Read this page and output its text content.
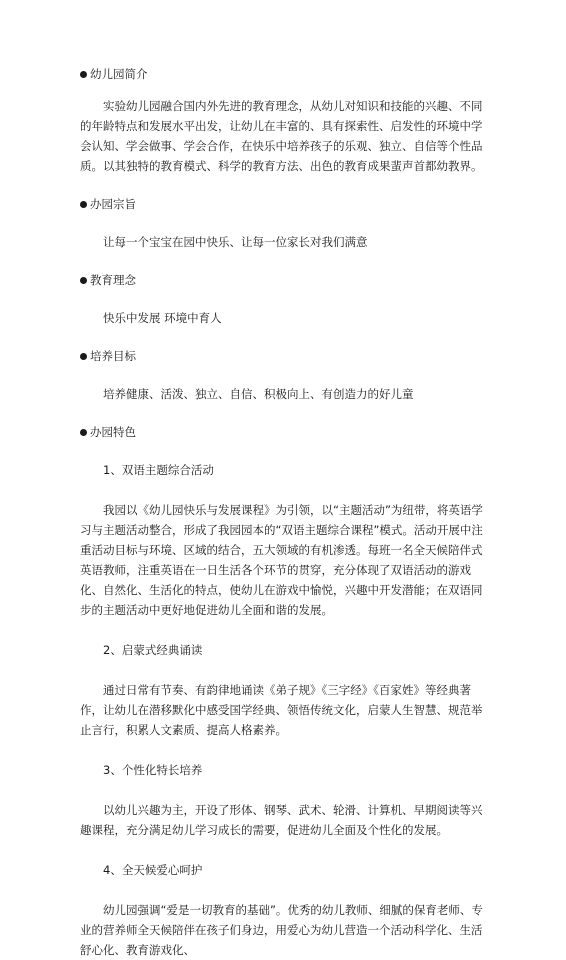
幼儿园简介

实验幼儿园融合国内外先进的教育理念，从幼儿对知识和技能的兴趣、不同的年龄特点和发展水平出发，让幼儿在丰富的、具有探索性、启发性的环境中学会认知、学会做事、学会合作，在快乐中培养孩子的乐观、独立、自信等个性品质。以其独特的教育模式、科学的教育方法、出色的教育成果蜚声首都幼教界。

办园宗旨

让每一个宝宝在园中快乐、让每一位家长对我们满意

教育理念

快乐中发展 环境中育人

培养目标

培养健康、活泼、独立、自信、积极向上、有创造力的好儿童

办园特色

1、双语主题综合活动

我园以《幼儿园快乐与发展课程》为引领，以“主题活动”为纽带，将英语学习与主题活动整合，形成了我园园本的“双语主题综合课程”模式。活动开展中注重活动目标与环境、区域的结合，五大领域的有机渗透。每班一名全天候陪伴式英语教师，注重英语在一日生活各个环节的贯穿，充分体现了双语活动的游戏化、自然化、生活化的特点，使幼儿在游戏中愉悦，兴趣中开发潜能；在双语同步的主题活动中更好地促进幼儿全面和谐的发展。

2、启蒙式经典诵读

通过日常有节奏、有韵律地诵读《弟子规》《三字经》《百家姓》等经典著作，让幼儿在潜移默化中感受国学经典、领悟传统文化，启蒙人生智慧、规范举止言行，积累人文素质、提高人格素养。

3、个性化特长培养

以幼儿兴趣为主，开设了形体、钢琴、武术、轮滑、计算机、早期阅读等兴趣课程，充分满足幼儿学习成长的需要，促进幼儿全面及个性化的发展。

4、全天候爱心呵护

幼儿园强调“爱是一切教育的基础”。优秀的幼儿教师、细腻的保育老师、专业的营养师全天候陪伴在孩子们身边，用爱心为幼儿营造一个活动科学化、生活舒心化、教育游戏化、
